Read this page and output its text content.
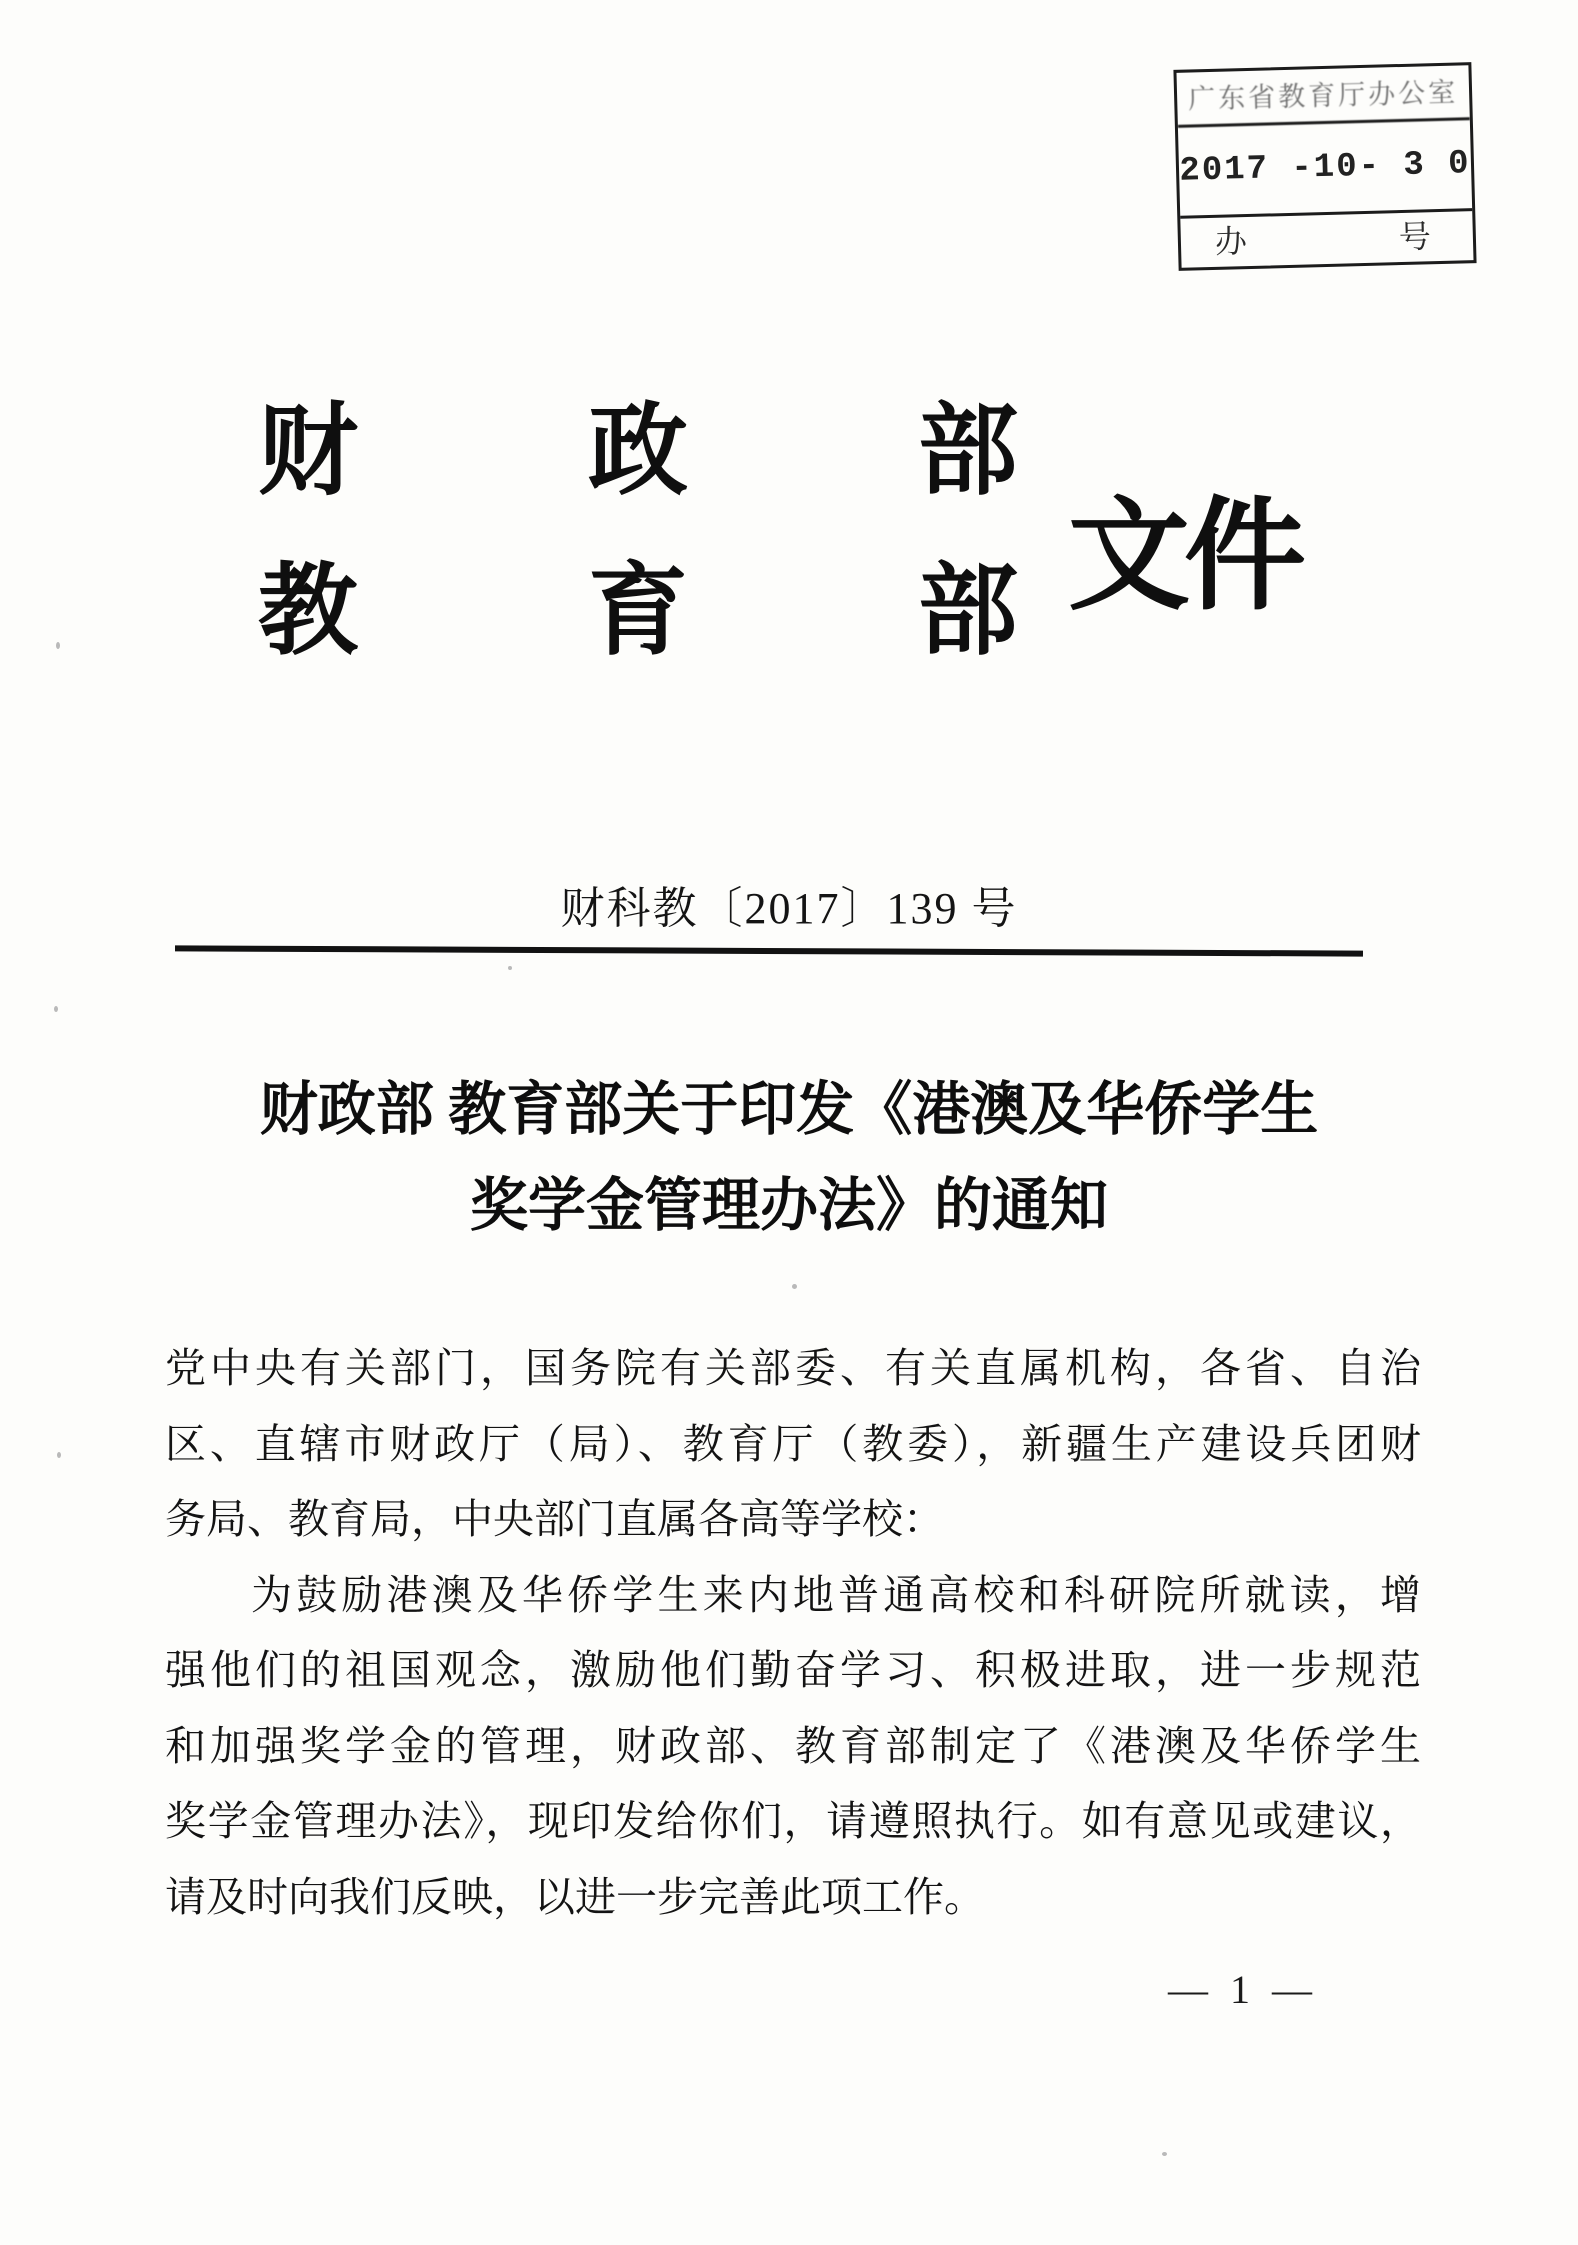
广东省教育厅办公室
2017 -10- 3 0
办	号
财政部
教育部 文件
财科教〔2017〕139 号
财政部 教育部关于印发《港澳及华侨学生
奖学金管理办法》的通知
党中央有关部门，国务院有关部委、有关直属机构，各省、自治
区、直辖市财政厅（局）、教育厅（教委），新疆生产建设兵团财
务局、教育局，中央部门直属各高等学校：
为鼓励港澳及华侨学生来内地普通高校和科研院所就读，增
强他们的祖国观念，激励他们勤奋学习、积极进取，进一步规范
和加强奖学金的管理，财政部、教育部制定了《港澳及华侨学生
奖学金管理办法》，现印发给你们，请遵照执行。如有意见或建议，
请及时向我们反映，以进一步完善此项工作。
— 1 —
